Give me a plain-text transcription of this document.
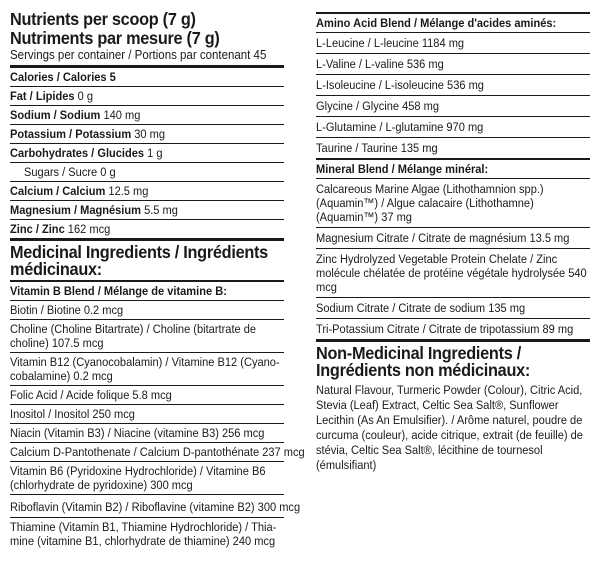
Nutrients per scoop (7 g)
Nutriments par mesure (7 g)
Servings per container / Portions par contenant 45
Calories / Calories 5
Fat / Lipides 0 g
Sodium / Sodium 140 mg
Potassium / Potassium 30 mg
Carbohydrates / Glucides 1 g
Sugars / Sucre 0 g
Calcium / Calcium 12.5 mg
Magnesium / Magnésium 5.5 mg
Zinc / Zinc 162 mcg
Medicinal Ingredients / Ingrédients médicinaux:
Vitamin B Blend / Mélange de vitamine B:
Biotin / Biotine 0.2 mcg
Choline (Choline Bitartrate) / Choline (bitartrate de choline) 107.5 mcg
Vitamin B12 (Cyanocobalamin) / Vitamine B12 (Cyano-cobalamine) 0.2 mcg
Folic Acid / Acide folique 5.8 mcg
Inositol / Inositol 250 mcg
Niacin (Vitamin B3) / Niacine (vitamine B3) 256 mcg
Calcium D-Pantothenate / Calcium D-pantothénate 237 mcg
Vitamin B6 (Pyridoxine Hydrochloride) / Vitamine B6 (chlorhydrate de pyridoxine) 300 mcg
Riboflavin (Vitamin B2) / Riboflavine (vitamine B2) 300 mcg
Thiamine (Vitamin B1, Thiamine Hydrochloride) / Thia-mine (vitamine B1, chlorhydrate de thiamine) 240 mcg
Amino Acid Blend / Mélange d'acides aminés:
L-Leucine / L-leucine 1184 mg
L-Valine / L-valine 536 mg
L-Isoleucine / L-isoleucine 536 mg
Glycine / Glycine 458 mg
L-Glutamine / L-glutamine 970 mg
Taurine / Taurine 135 mg
Mineral Blend / Mélange minéral:
Calcareous Marine Algae (Lithothamnion spp.) (Aquamin™) / Algue calacaire (Lithothamne) (Aquamin™) 37 mg
Magnesium Citrate / Citrate de magnésium 13.5 mg
Zinc Hydrolyzed Vegetable Protein Chelate / Zinc molécule chélatée de protéine végétale hydrolysée 540 mcg
Sodium Citrate / Citrate de sodium 135 mg
Tri-Potassium Citrate / Citrate de tripotassium 89 mg
Non-Medicinal Ingredients / Ingrédients non médicinaux:
Natural Flavour, Turmeric Powder (Colour), Citric Acid, Stevia (Leaf) Extract, Celtic Sea Salt®, Sunflower Lecithin (As An Emulsifier). / Arôme naturel, poudre de curcuma (couleur), acide citrique, extrait (de feuille) de stévia, Celtic Sea Salt®, lécithine de tournesol (émulsifiant)
